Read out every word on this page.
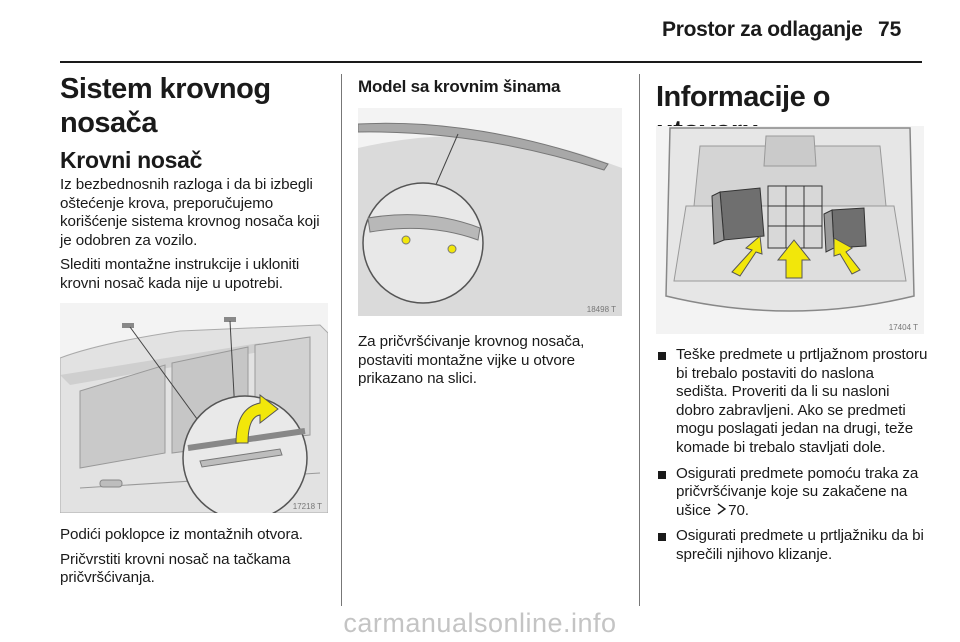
Prostor za odlaganje 75
Sistem krovnog nosača
Krovni nosač

Iz bezbednosnih razloga i da bi izbegli oštećenje krova, preporučujemo korišćenje sistema krovnog nosača koji je odobren za vozilo.

Slediti montažne instrukcije i ukloniti krovni nosač kada nije u upotrebi.

17218 T

Podići poklopce iz montažnih otvora.

Pričvrstiti krovni nosač na tačkama pričvršćivanja.

Model sa krovnim šinama
18498 T

Za pričvršćivanje krovnog nosača, postaviti montažne vijke u otvore prikazano na slici.

Informacije o
17404 T
Teške predmete u prtljažnom prostoru bi trebalo postaviti do naslona sedišta. Proveriti da li su nasloni dobro zabravljeni. Ako se predmeti mogu poslagati jedan na drugi, teže komade bi trebalo stavljati dole.
Osigurati predmete pomoću traka za pričvršćivanje koje su zakačene na ušice 70.
Osigurati predmete u prtljažniku da bi sprečili njihovo klizanje.
carmanualsonline.info
